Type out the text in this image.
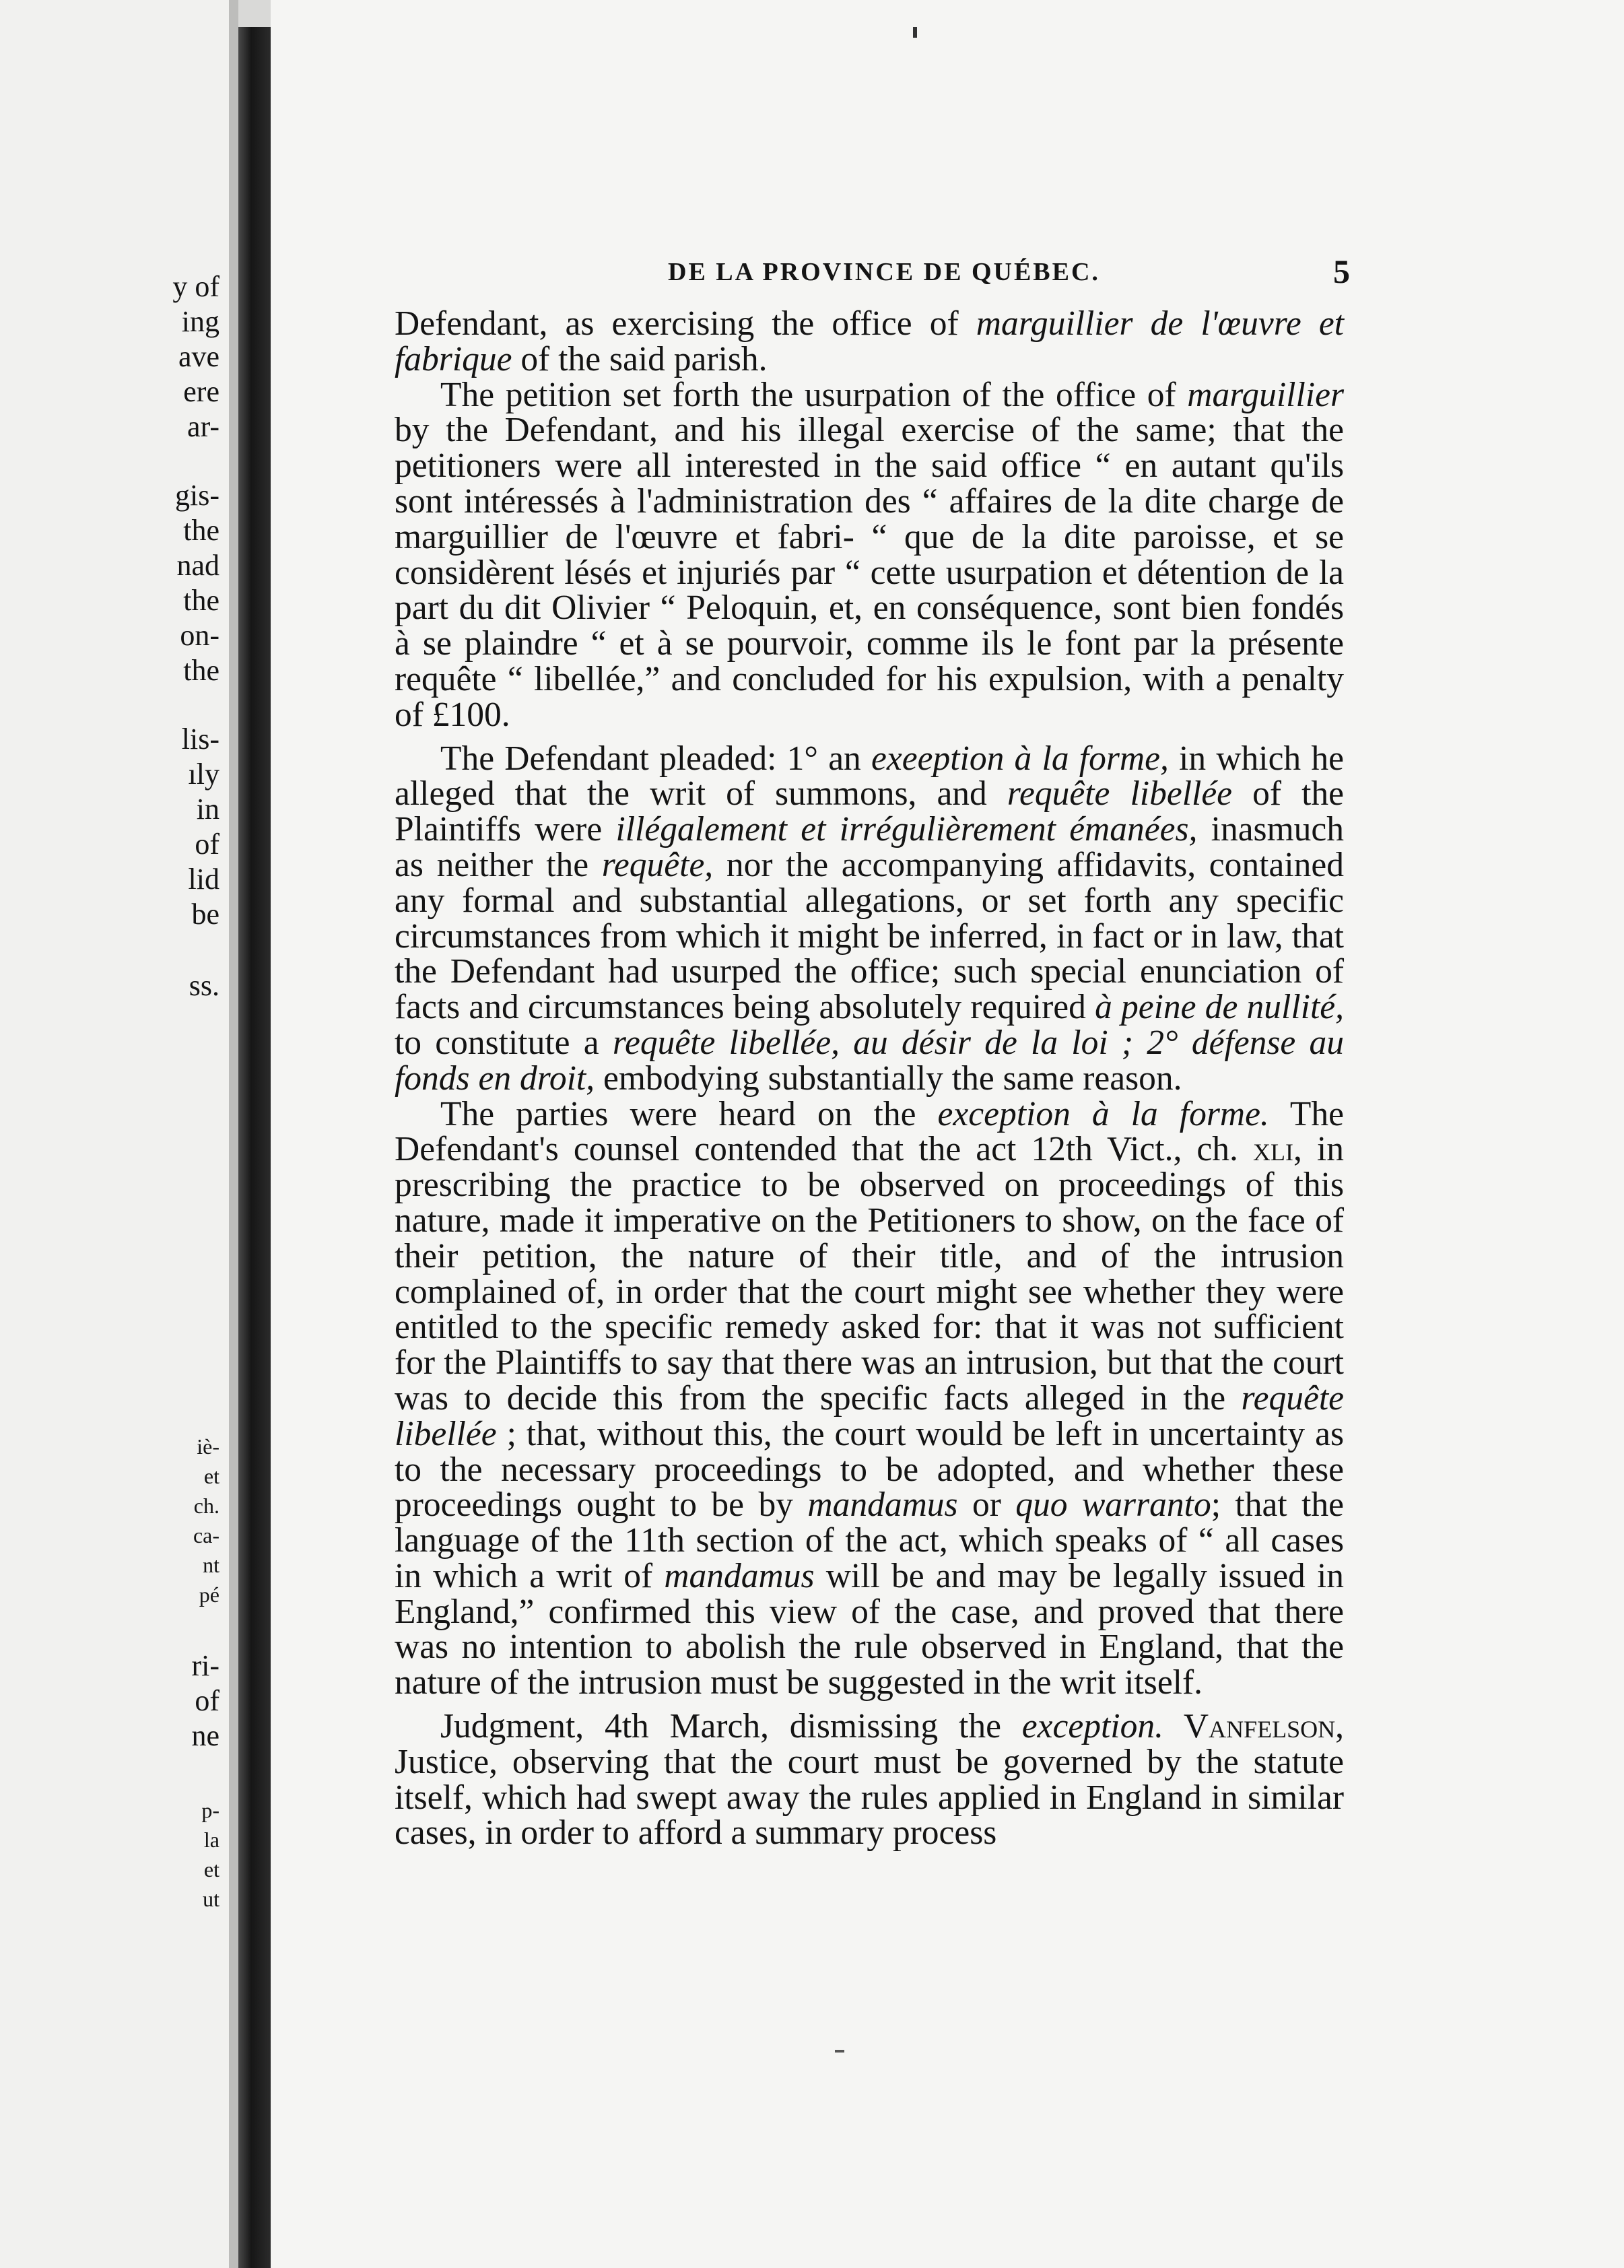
y of
ing
ave
ere
ar-
gis-
the
nad
the
on-
the
lis-
ıly
in
of
lid
be
ss.
iè-
et
ch.
ca-
nt
pé
ri-
of
ne
p-
la
et
ut
DE LA PROVINCE DE QUÉBEC.	5

Defendant, as exercising the office of marguillier de l'œuvre et fabrique of the said parish.

The petition set forth the usurpation of the office of marguillier by the Defendant, and his illegal exercise of the same; that the petitioners were all interested in the said office “ en autant qu'ils sont intéressés à l'administration des “ affaires de la dite charge de marguillier de l'œuvre et fabri- “ que de la dite paroisse, et se considèrent lésés et injuriés par “ cette usurpation et détention de la part du dit Olivier “ Peloquin, et, en conséquence, sont bien fondés à se plaindre “ et à se pourvoir, comme ils le font par la présente requête “ libellée,” and concluded for his expulsion, with a penalty of £100.

The Defendant pleaded: 1° an exeeption à la forme, in which he alleged that the writ of summons, and requête libellée of the Plaintiffs were illégalement et irrégulièrement émanées, inasmuch as neither the requête, nor the accompanying affidavits, contained any formal and substantial allegations, or set forth any specific circumstances from which it might be inferred, in fact or in law, that the Defendant had usurped the office; such special enunciation of facts and circumstances being absolutely required à peine de nullité, to constitute a requête libellée, au désir de la loi ; 2° défense au fonds en droit, embodying substantially the same reason.

The parties were heard on the exception à la forme. The Defendant's counsel contended that the act 12th Vict., ch. xli, in prescribing the practice to be observed on proceedings of this nature, made it imperative on the Petitioners to show, on the face of their petition, the nature of their title, and of the intrusion complained of, in order that the court might see whether they were entitled to the specific remedy asked for: that it was not sufficient for the Plaintiffs to say that there was an intrusion, but that the court was to decide this from the specific facts alleged in the requête libellée ; that, without this, the court would be left in uncertainty as to the necessary proceedings to be adopted, and whether these proceedings ought to be by mandamus or quo warranto; that the language of the 11th section of the act, which speaks of “ all cases in which a writ of mandamus will be and may be legally issued in England,” confirmed this view of the case, and proved that there was no intention to abolish the rule observed in England, that the nature of the intrusion must be suggested in the writ itself.

Judgment, 4th March, dismissing the exception. Vanfelson, Justice, observing that the court must be governed by the statute itself, which had swept away the rules applied in England in similar cases, in order to afford a summary process
